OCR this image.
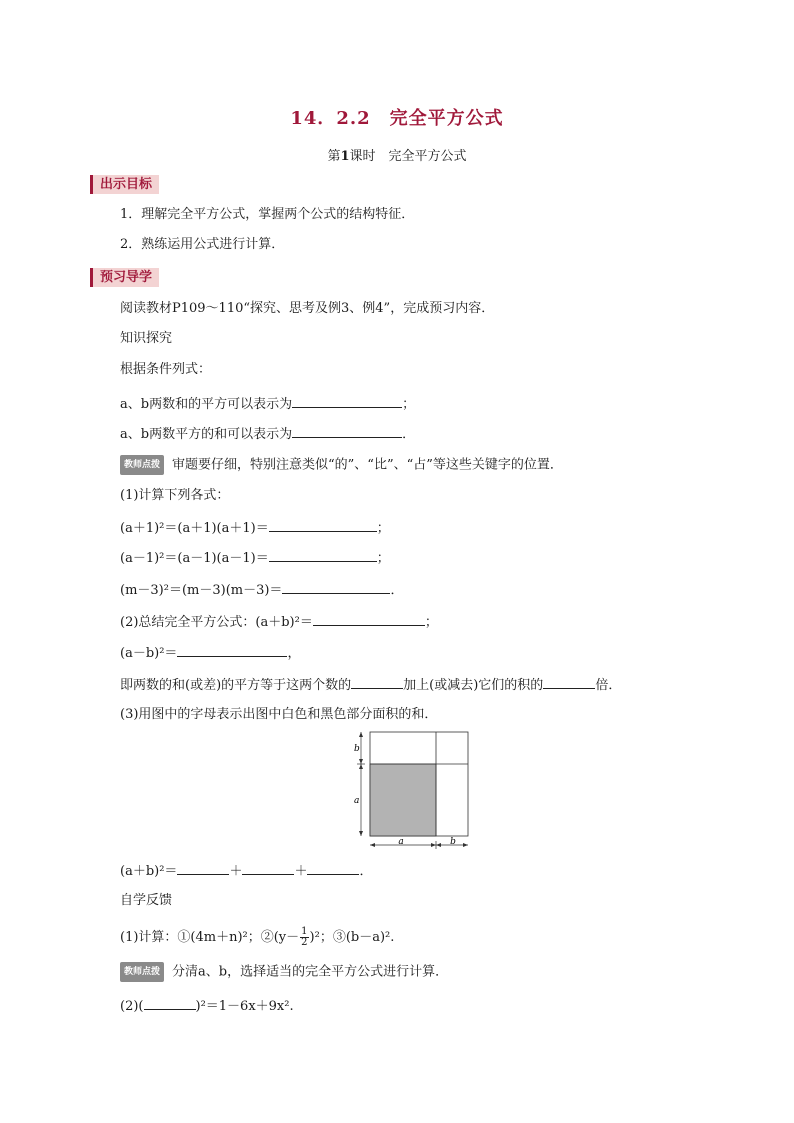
14．2.2　完全平方公式
第1课时　完全平方公式
出示目标
1．理解完全平方公式，掌握两个公式的结构特征．
2．熟练运用公式进行计算．
预习导学
阅读教材P109～110“探究、思考及例3、例4”，完成预习内容．
知识探究
根据条件列式：
a、b两数和的平方可以表示为	；
a、b两数平方的和可以表示为	．
教师点拨 审题要仔细，特别注意类似“的”、“比”、“占”等这些关键字的位置．
(1)计算下列各式：
(a＋1)²＝(a＋1)(a＋1)＝	；
(a－1)²＝(a－1)(a－1)＝	；
(m－3)²＝(m－3)(m－3)＝	．
(2)总结完全平方公式：(a＋b)²＝	；
(a－b)²＝	，
即两数的和(或差)的平方等于这两个数的	加上(或减去)它们的积的	倍．
(3)用图中的字母表示出图中白色和黑色部分面积的和．
b
a
a	b
(a＋b)²＝	＋	＋	．
自学反馈
(1)计算：①(4m＋n)²；②(y－ $\frac{1}{2} )^2$；③(b－a)².
教师点拨 分清a、b，选择适当的完全平方公式进行计算．
(2)(	)²＝1－6x＋9x².
